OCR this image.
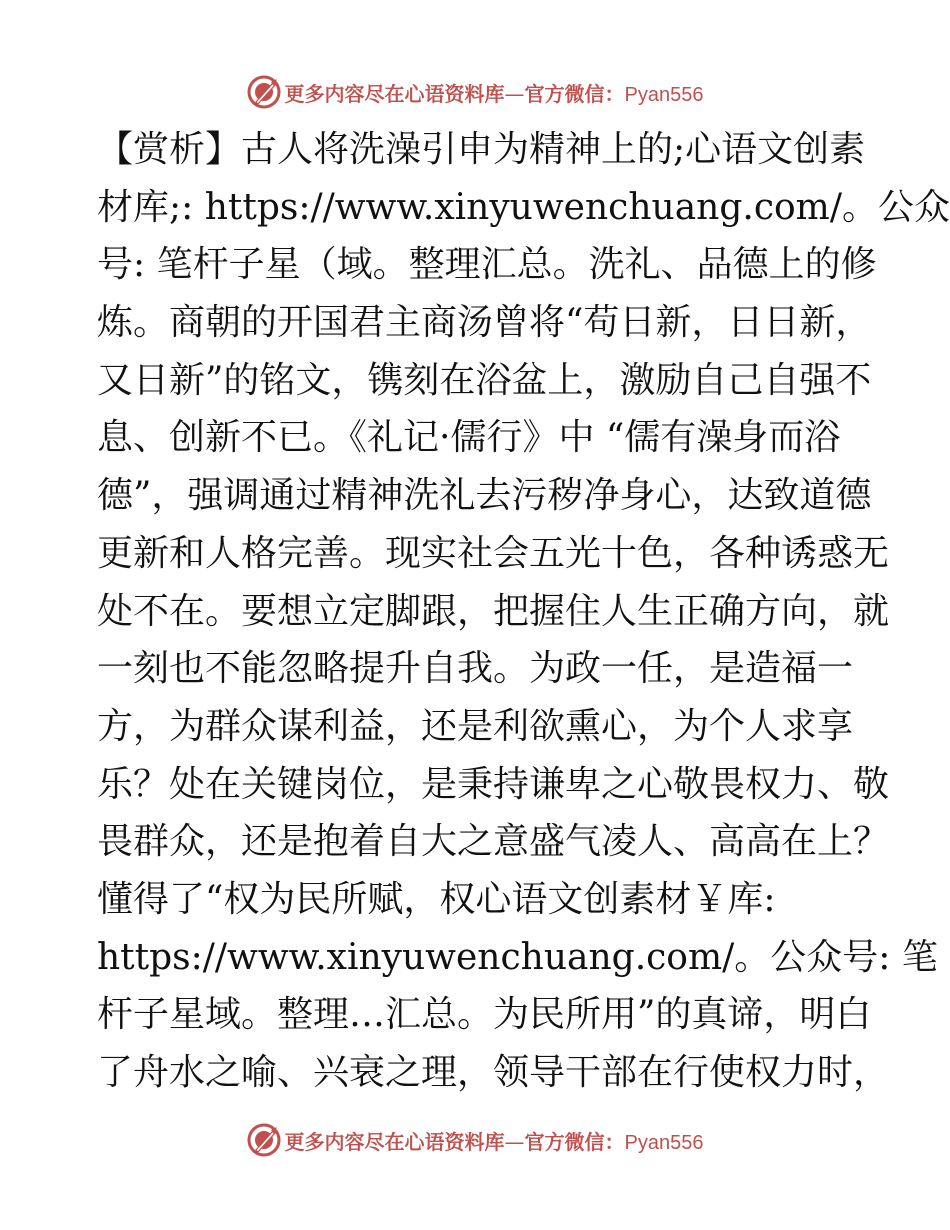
更多内容尽在心语资料库—官方微信：Pyan556
【赏析】古人将洗澡引申为精神上的;心语文创素
材库;: https://www.xinyuwenchuang.com/。公众
号: 笔杆子星（域。整理汇总。洗礼、品德上的修
炼。商朝的开国君主商汤曾将“苟日新，日日新，
又日新”的铭文，镌刻在浴盆上，激励自己自强不
息、创新不已。《礼记·儒行》中 “儒有澡身而浴
德”，强调通过精神洗礼去污秽净身心，达致道德
更新和人格完善。现实社会五光十色，各种诱惑无
处不在。要想立定脚跟，把握住人生正确方向，就
一刻也不能忽略提升自我。为政一任，是造福一
方，为群众谋利益，还是利欲熏心，为个人求享
乐？处在关键岗位，是秉持谦卑之心敬畏权力、敬
畏群众，还是抱着自大之意盛气凌人、高高在上？
懂得了“权为民所赋，权心语文创素材￥库:
https://www.xinyuwenchuang.com/。公众号: 笔
杆子星域。整理…汇总。为民所用”的真谛，明白
了舟水之喻、兴衰之理，领导干部在行使权力时，
更多内容尽在心语资料库—官方微信：Pyan556
